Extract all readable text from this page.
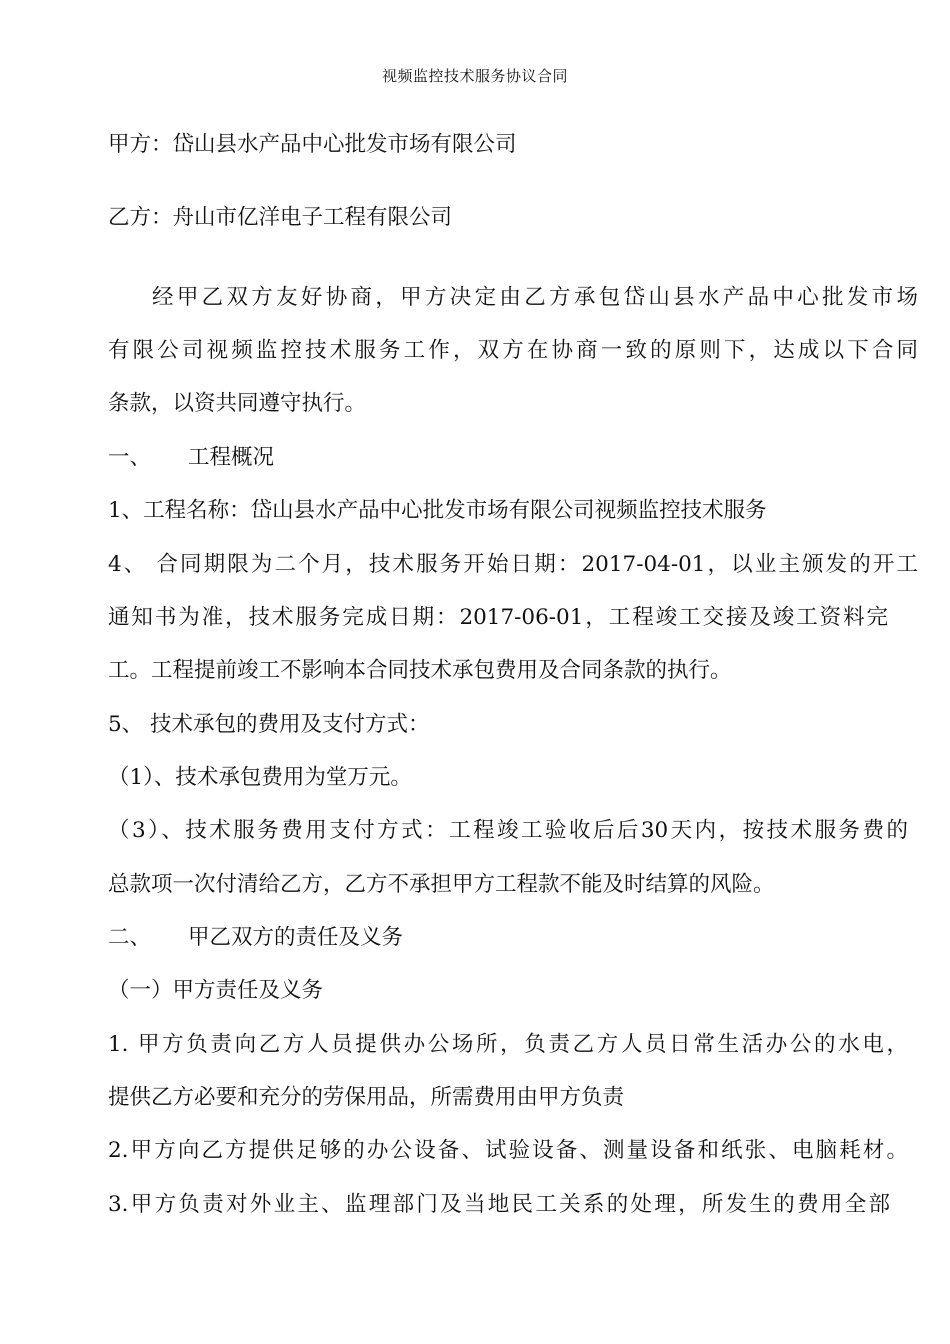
视频监控技术服务协议合同
甲方：岱山县水产品中心批发市场有限公司
乙方：舟山市亿洋电子工程有限公司
经甲乙双方友好协商，甲方决定由乙方承包岱山县水产品中心批发市场
有限公司视频监控技术服务工作，双方在协商一致的原则下，达成以下合同
条款，以资共同遵守执行。
一、 工程概况
1、工程名称：岱山县水产品中心批发市场有限公司视频监控技术服务
4、 合同期限为二个月，技术服务开始日期：2017-04-01，以业主颁发的开工
通知书为准，技术服务完成日期：2017-06-01，工程竣工交接及竣工资料完
工。工程提前竣工不影响本合同技术承包费用及合同条款的执行。
5、 技术承包的费用及支付方式：
（1）、技术承包费用为堂万元。
（3）、技术服务费用支付方式：工程竣工验收后后30天内，按技术服务费的
总款项一次付清给乙方，乙方不承担甲方工程款不能及时结算的风险。
二、 甲乙双方的责任及义务
（一）甲方责任及义务
1. 甲方负责向乙方人员提供办公场所，负责乙方人员日常生活办公的水电，
提供乙方必要和充分的劳保用品，所需费用由甲方负责
2.甲方向乙方提供足够的办公设备、试验设备、测量设备和纸张、电脑耗材。
3.甲方负责对外业主、监理部门及当地民工关系的处理，所发生的费用全部
